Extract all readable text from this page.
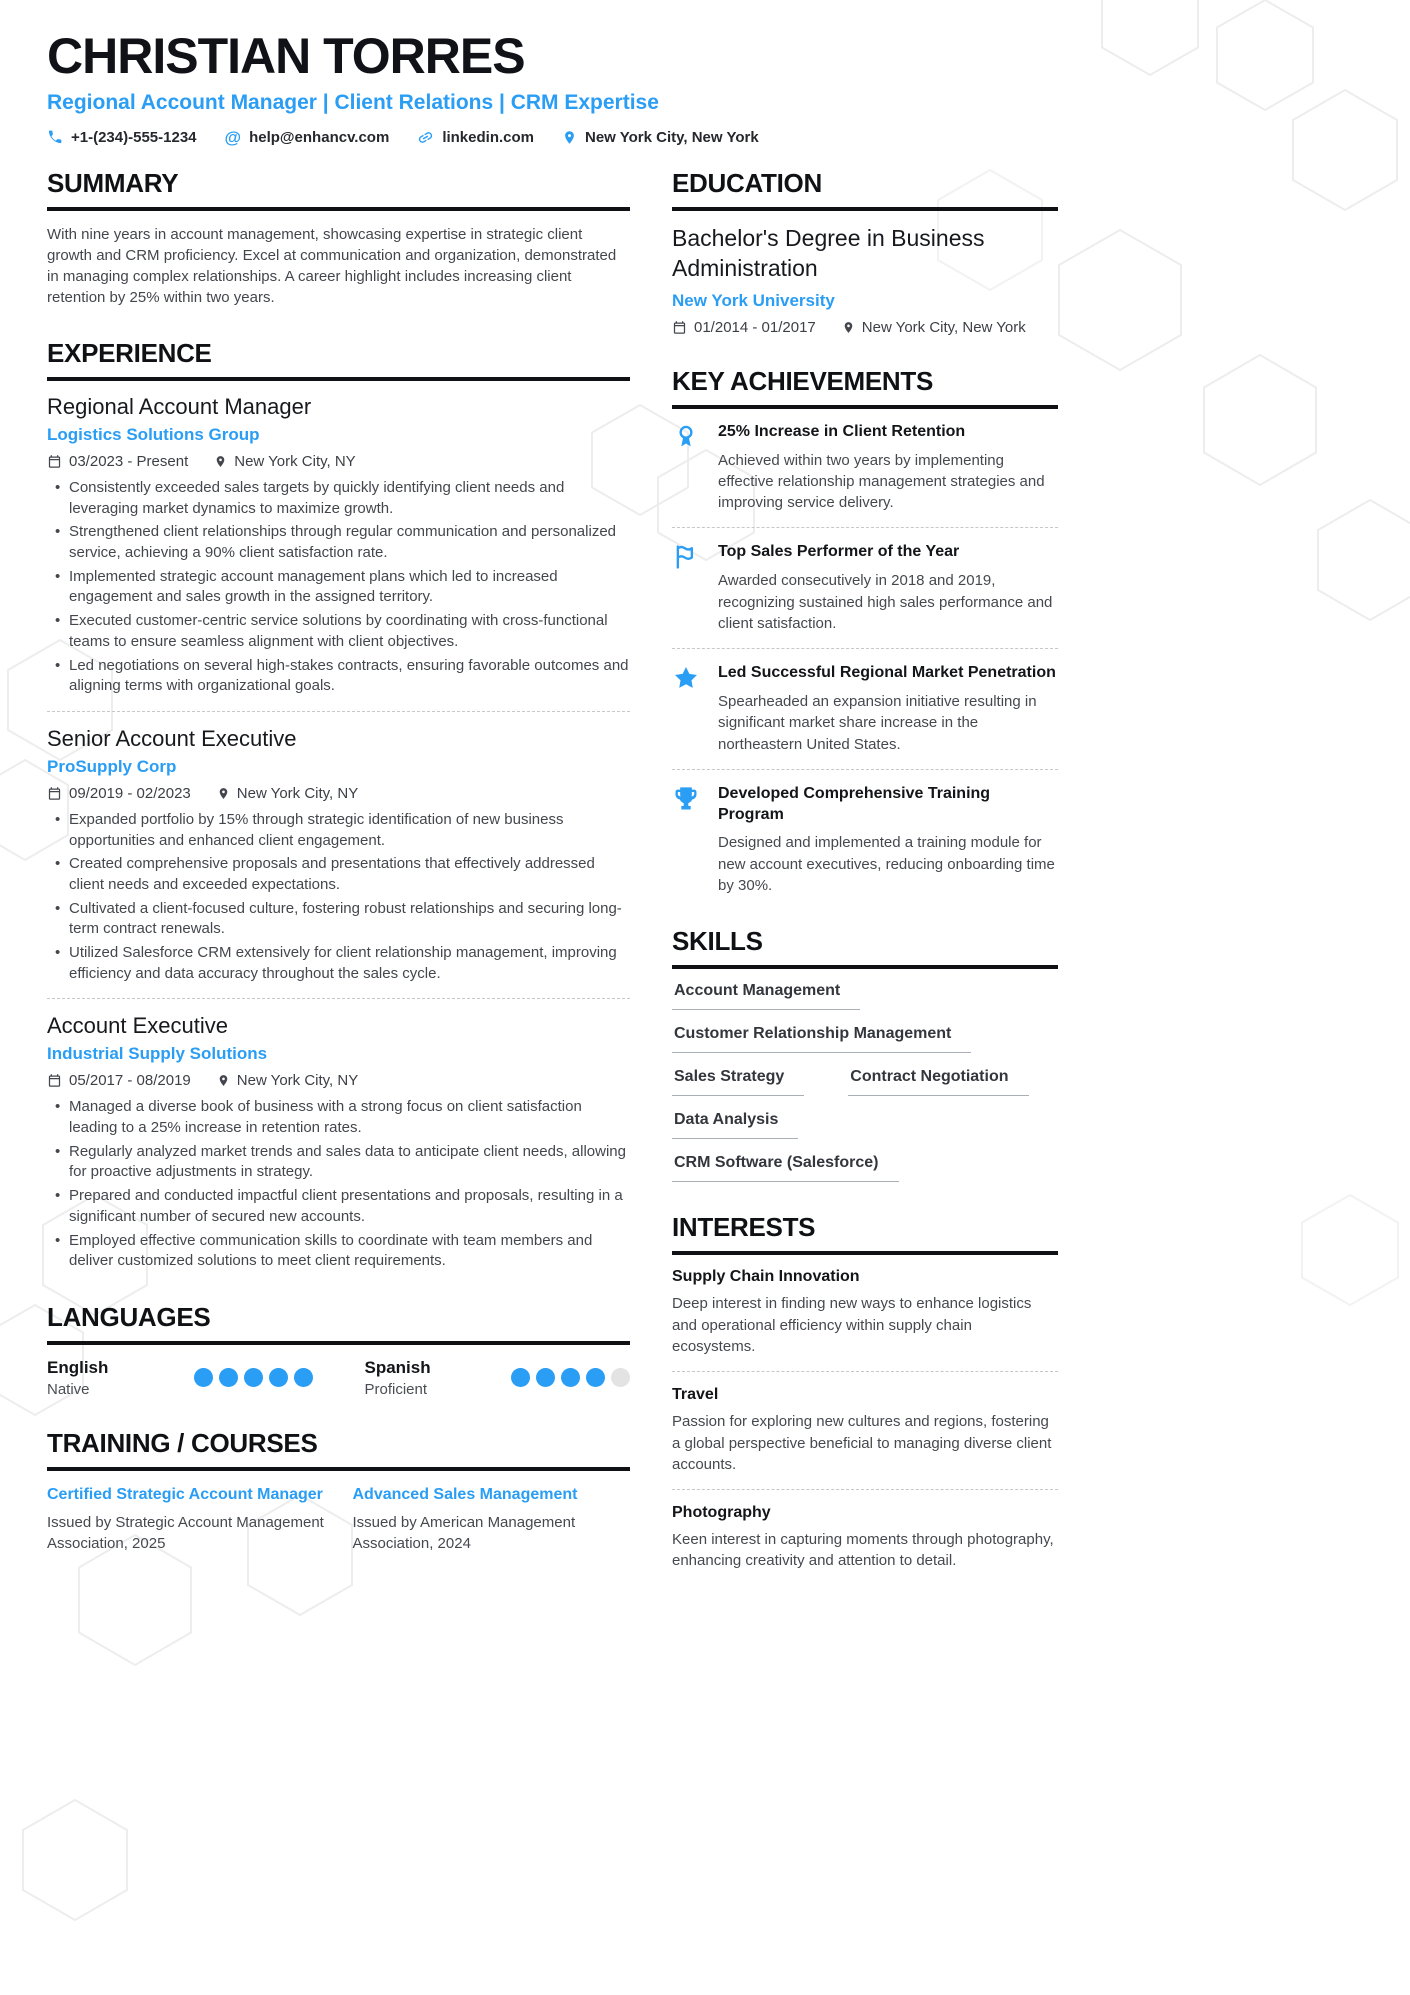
CHRISTIAN TORRES
Regional Account Manager | Client Relations | CRM Expertise
+1-(234)-555-1234 @ help@enhancv.com	linkedin.com	New York City, New York
SUMMARY

With nine years in account management, showcasing expertise in strategic client growth and CRM proficiency. Excel at communication and organization, demonstrated in managing complex relationships. A career highlight includes increasing client retention by 25% within two years.

EXPERIENCE
Regional Account Manager
Logistics Solutions Group
03/2023 - Present	New York City, NY
• Consistently exceeded sales targets by quickly identifying client needs and leveraging market dynamics to maximize growth.
• Strengthened client relationships through regular communication and personalized service, achieving a 90% client satisfaction rate.
• Implemented strategic account management plans which led to increased engagement and sales growth in the assigned territory.
• Executed customer-centric service solutions by coordinating with cross-functional teams to ensure seamless alignment with client objectives.
• Led negotiations on several high-stakes contracts, ensuring favorable outcomes and aligning terms with organizational goals.
Senior Account Executive
ProSupply Corp
09/2019 - 02/2023	New York City, NY
• Expanded portfolio by 15% through strategic identification of new business opportunities and enhanced client engagement.
• Created comprehensive proposals and presentations that effectively addressed client needs and exceeded expectations.
• Cultivated a client-focused culture, fostering robust relationships and securing long-term contract renewals.
• Utilized Salesforce CRM extensively for client relationship management, improving efficiency and data accuracy throughout the sales cycle.
Account Executive
Industrial Supply Solutions
05/2017 - 08/2019	New York City, NY
• Managed a diverse book of business with a strong focus on client satisfaction leading to a 25% increase in retention rates.
• Regularly analyzed market trends and sales data to anticipate client needs, allowing for proactive adjustments in strategy.
• Prepared and conducted impactful client presentations and proposals, resulting in a significant number of secured new accounts.
• Employed effective communication skills to coordinate with team members and deliver customized solutions to meet client requirements.
LANGUAGES
English
Native
Spanish
Proficient
TRAINING / COURSES
Certified Strategic Account Manager
Issued by Strategic Account Management Association, 2025
Advanced Sales Management
Issued by American Management Association, 2024
EDUCATION
Bachelor's Degree in Business Administration
New York University
01/2014 - 01/2017	New York City, New York
KEY ACHIEVEMENTS
25% Increase in Client Retention
Achieved within two years by implementing effective relationship management strategies and improving service delivery.
Top Sales Performer of the Year
Awarded consecutively in 2018 and 2019, recognizing sustained high sales performance and client satisfaction.
Led Successful Regional Market Penetration
Spearheaded an expansion initiative resulting in significant market share increase in the northeastern United States.
Developed Comprehensive Training Program
Designed and implemented a training module for new account executives, reducing onboarding time by 30%.
SKILLS
Account Management
Customer Relationship Management
Sales Strategy	Contract Negotiation
Data Analysis
CRM Software (Salesforce)
INTERESTS
Supply Chain Innovation
Deep interest in finding new ways to enhance logistics and operational efficiency within supply chain ecosystems.
Travel
Passion for exploring new cultures and regions, fostering a global perspective beneficial to managing diverse client accounts.
Photography
Keen interest in capturing moments through photography, enhancing creativity and attention to detail.
